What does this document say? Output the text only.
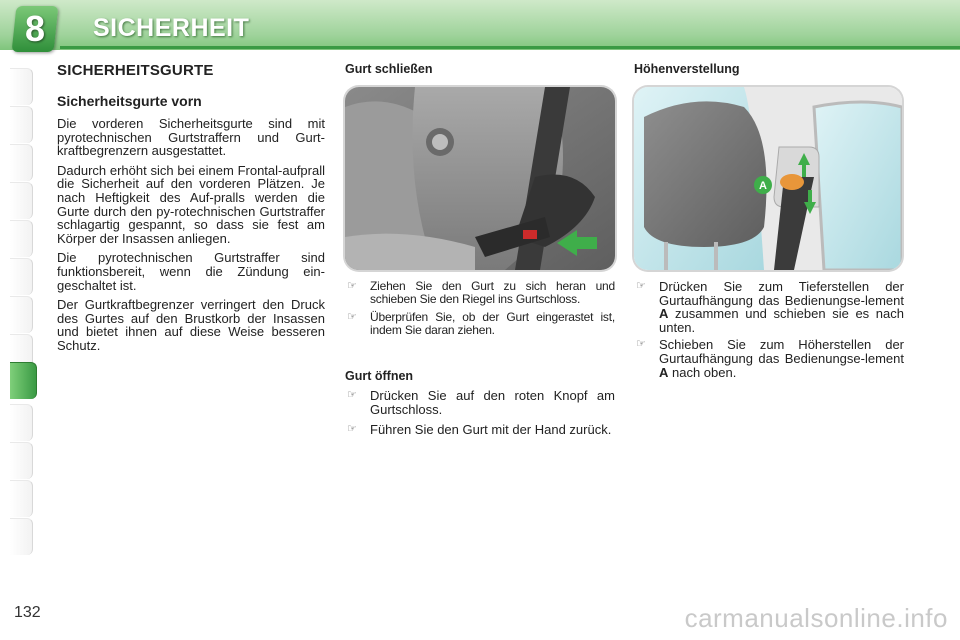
8	SICHERHEIT
SICHERHEITSGURTE
Sicherheitsgurte vorn
Die vorderen Sicherheitsgurte sind mit pyrotechnischen Gurtstraffern und Gurt-kraftbegrenzern ausgestattet.
Dadurch erhöht sich bei einem Frontal-aufprall die Sicherheit auf den vorderen Plätzen. Je nach Heftigkeit des Auf-pralls werden die Gurte durch den py-rotechnischen Gurtstraffer schlagartig gespannt, so dass sie fest am Körper der Insassen anliegen.
Die pyrotechnischen Gurtstraffer sind funktionsbereit, wenn die Zündung ein-geschaltet ist.
Der Gurtkraftbegrenzer verringert den Druck des Gurtes auf den Brustkorb der Insassen und bietet ihnen auf diese Weise besseren Schutz.
Gurt schließen
☞ Ziehen Sie den Gurt zu sich heran und schieben Sie den Riegel ins Gurtschloss.
☞ Überprüfen Sie, ob der Gurt eingerastet ist, indem Sie daran ziehen.
Gurt öffnen
☞ Drücken Sie auf den roten Knopf am Gurtschloss.
☞ Führen Sie den Gurt mit der Hand zurück.
Höhenverstellung
A
☞ Drücken Sie zum Tieferstellen der Gurtaufhängung das Bedienungse-lement A zusammen und schieben sie es nach unten.
☞ Schieben Sie zum Höherstellen der Gurtaufhängung das Bedienungse-lement A nach oben.
132	carmanualsonline.info
